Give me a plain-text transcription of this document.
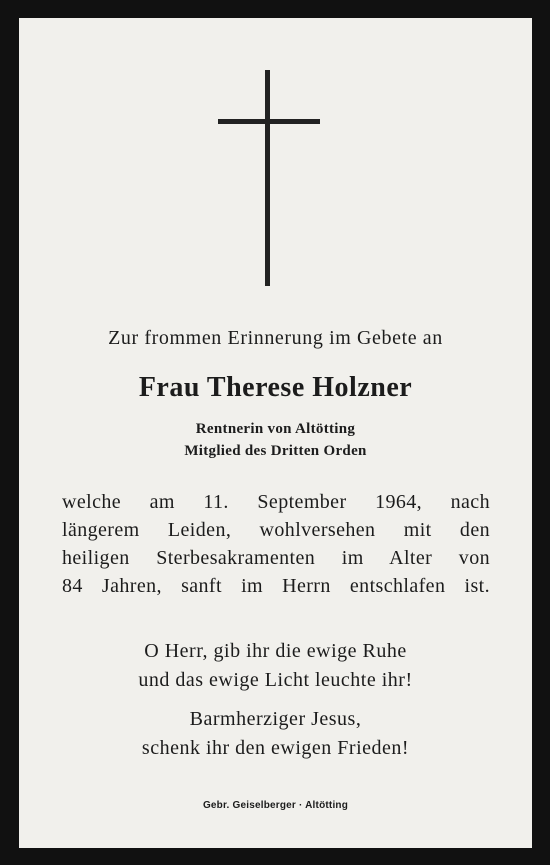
Zur frommen Erinnerung im Gebete an
Frau Therese Holzner
Rentnerin von Altötting
Mitglied des Dritten Orden
welche am 11. September 1964, nach
längerem Leiden, wohlversehen mit den
heiligen Sterbesakramenten im Alter von
84 Jahren, sanft im Herrn entschlafen ist.
O Herr, gib ihr die ewige Ruhe
und das ewige Licht leuchte ihr!
Barmherziger Jesus,
schenk ihr den ewigen Frieden!
Gebr. Geiselberger · Altötting
